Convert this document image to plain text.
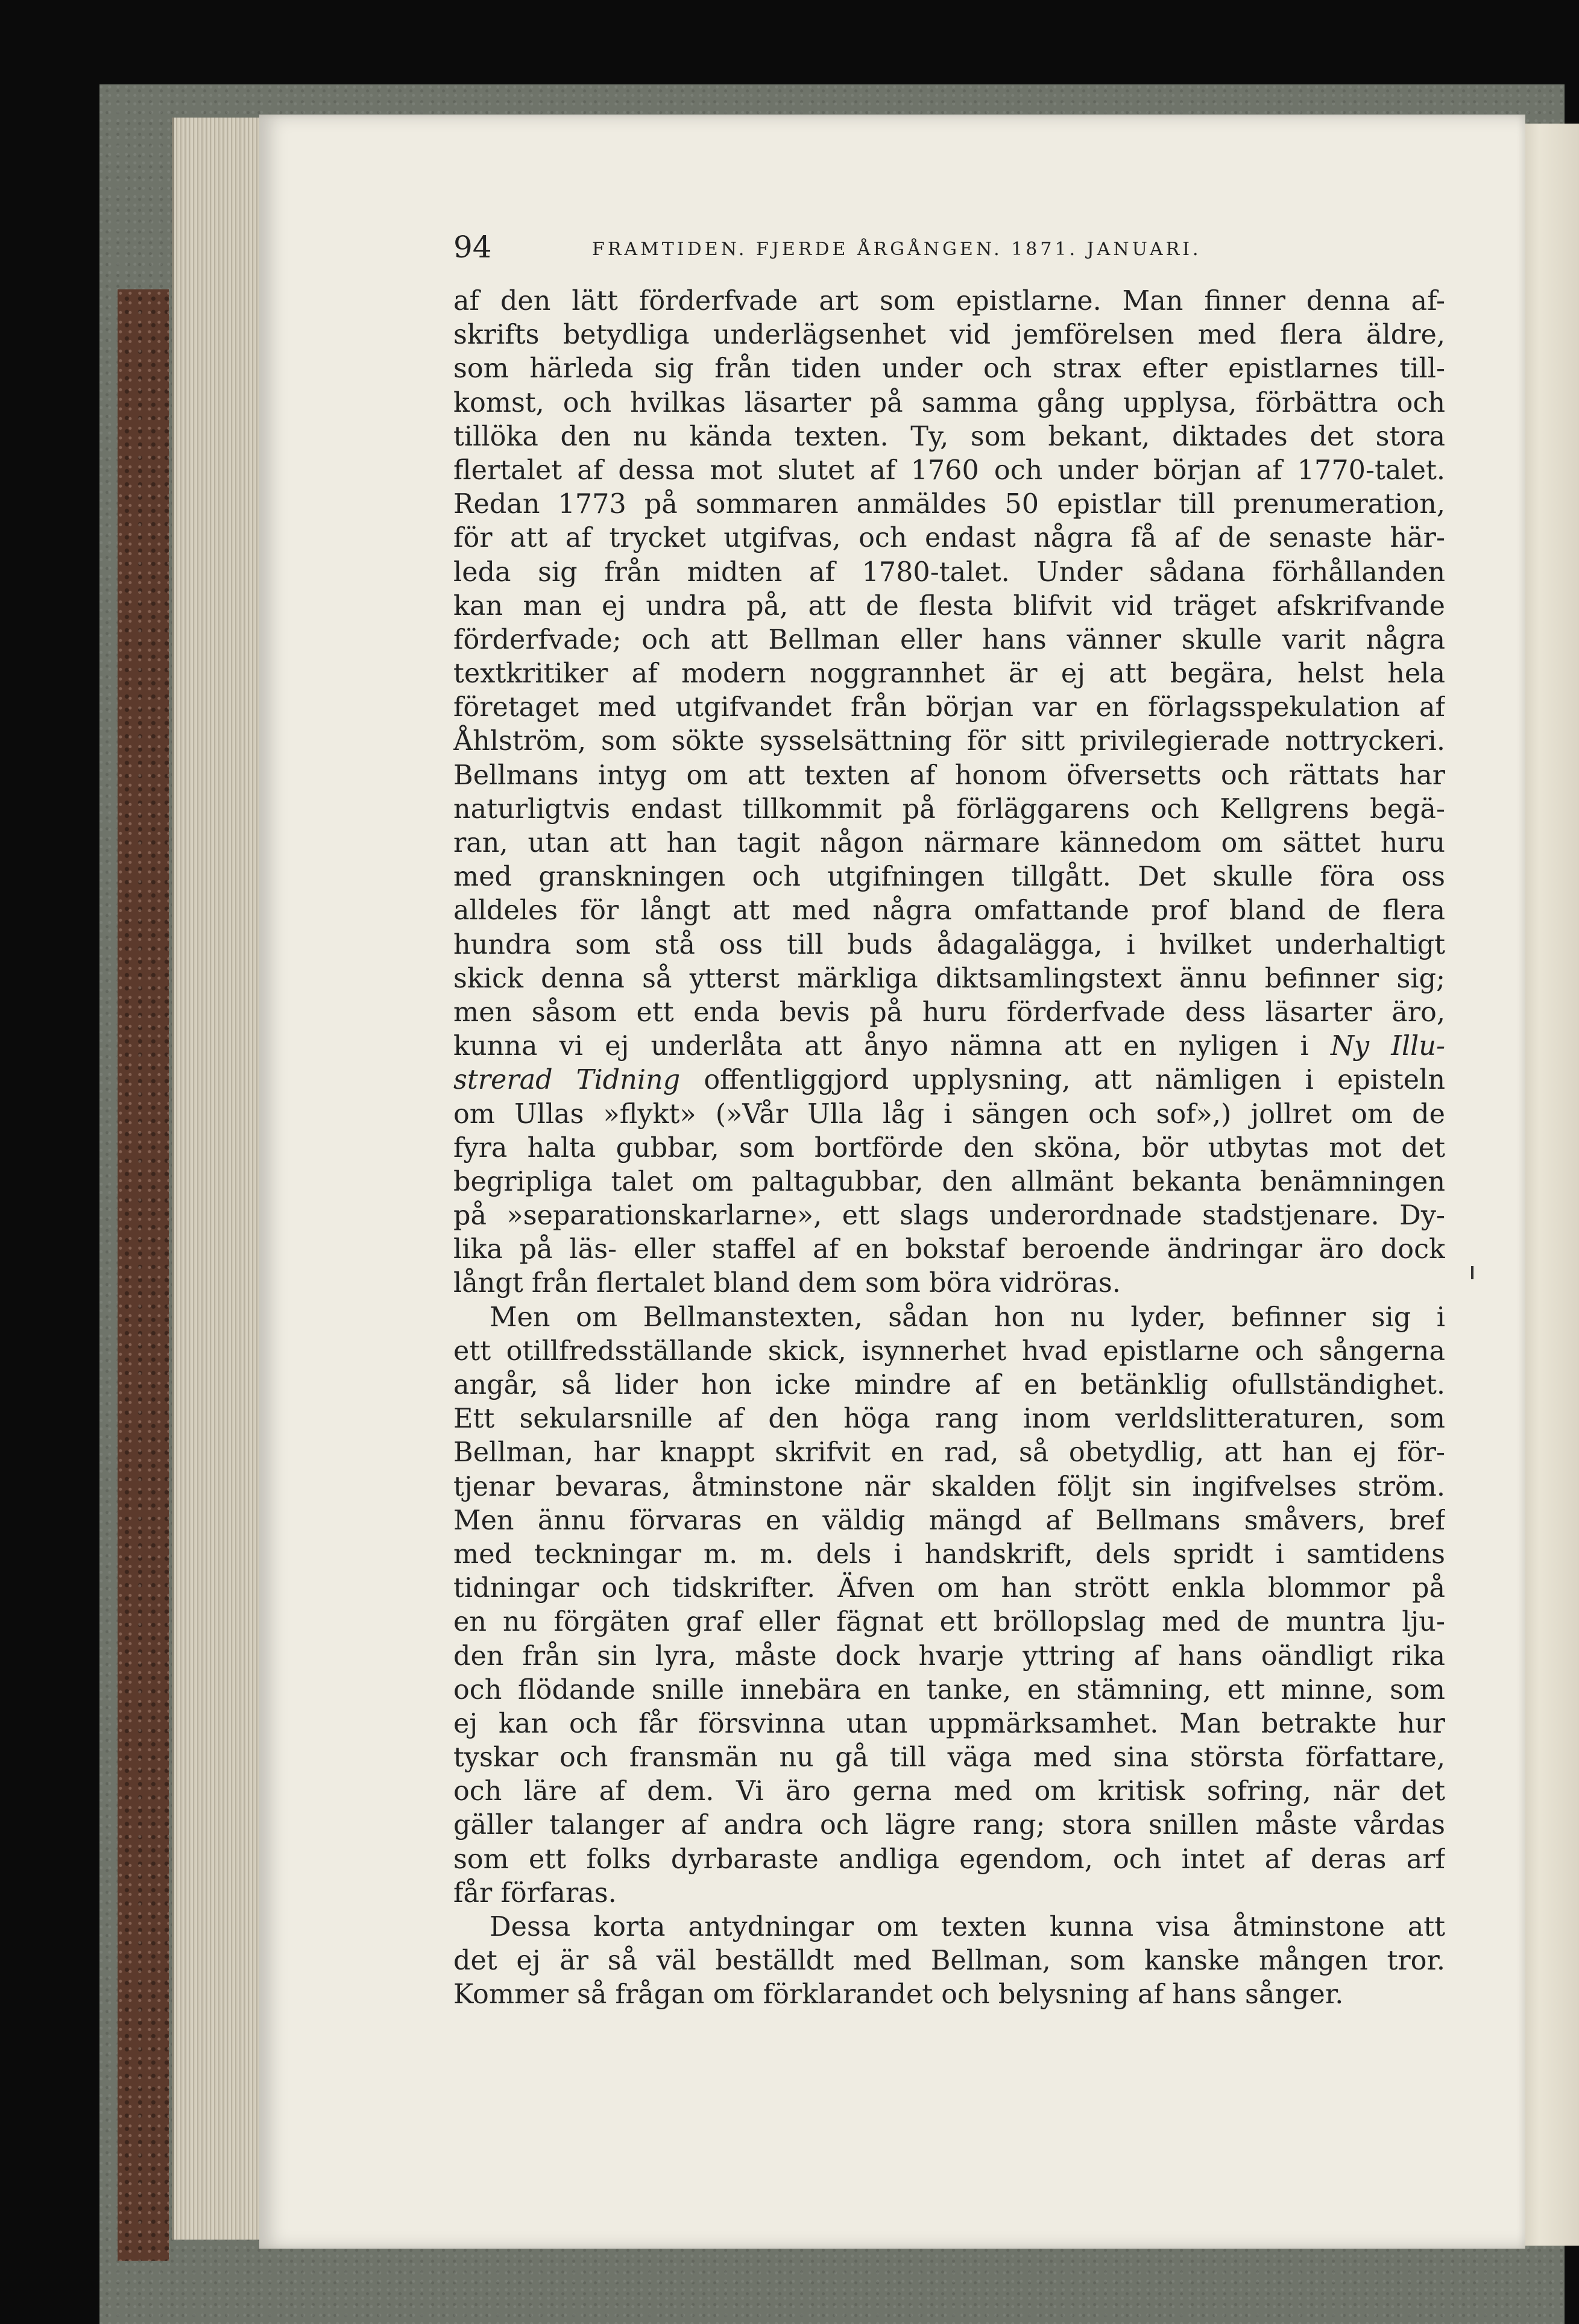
94	FRAMTIDEN. FJERDE ÅRGÅNGEN. 1871. JANUARI.
af den lätt förderfvade art som epistlarne. Man finner denna af-
skrifts betydliga underlägsenhet vid jemförelsen med flera äldre,
som härleda sig från tiden under och strax efter epistlarnes till-
komst, och hvilkas läsarter på samma gång upplysa, förbättra och
tillöka den nu kända texten. Ty, som bekant, diktades det stora
flertalet af dessa mot slutet af 1760 och under början af 1770-talet.
Redan 1773 på sommaren anmäldes 50 epistlar till prenumeration,
för att af trycket utgifvas, och endast några få af de senaste här-
leda sig från midten af 1780-talet. Under sådana förhållanden
kan man ej undra på, att de flesta blifvit vid träget afskrifvande
förderfvade; och att Bellman eller hans vänner skulle varit några
textkritiker af modern noggrannhet är ej att begära, helst hela
företaget med utgifvandet från början var en förlagsspekulation af
Åhlström, som sökte sysselsättning för sitt privilegierade nottryckeri.
Bellmans intyg om att texten af honom öfversetts och rättats har
naturligtvis endast tillkommit på förläggarens och Kellgrens begä-
ran, utan att han tagit någon närmare kännedom om sättet huru
med granskningen och utgifningen tillgått. Det skulle föra oss
alldeles för långt att med några omfattande prof bland de flera
hundra som stå oss till buds ådagalägga, i hvilket underhaltigt
skick denna så ytterst märkliga diktsamlingstext ännu befinner sig;
men såsom ett enda bevis på huru förderfvade dess läsarter äro,
kunna vi ej underlåta att ånyo nämna att en nyligen i Ny Illu-
strerad Tidning offentliggjord upplysning, att nämligen i episteln
om Ullas »flykt» (»Vår Ulla låg i sängen och sof»,) jollret om de
fyra halta gubbar, som bortförde den sköna, bör utbytas mot det
begripliga talet om paltagubbar, den allmänt bekanta benämningen
på »separationskarlarne», ett slags underordnade stadstjenare. Dy-
lika på läs- eller staffel af en bokstaf beroende ändringar äro dock
långt från flertalet bland dem som böra vidröras.
Men om Bellmanstexten, sådan hon nu lyder, befinner sig i
ett otillfredsställande skick, isynnerhet hvad epistlarne och sångerna
angår, så lider hon icke mindre af en betänklig ofullständighet.
Ett sekularsnille af den höga rang inom verldslitteraturen, som
Bellman, har knappt skrifvit en rad, så obetydlig, att han ej för-
tjenar bevaras, åtminstone när skalden följt sin ingifvelses ström.
Men ännu förvaras en väldig mängd af Bellmans småvers, bref
med teckningar m. m. dels i handskrift, dels spridt i samtidens
tidningar och tidskrifter. Äfven om han strött enkla blommor på
en nu förgäten graf eller fägnat ett bröllopslag med de muntra lju-
den från sin lyra, måste dock hvarje yttring af hans oändligt rika
och flödande snille innebära en tanke, en stämning, ett minne, som
ej kan och får försvinna utan uppmärksamhet. Man betrakte hur
tyskar och fransmän nu gå till väga med sina största författare,
och läre af dem. Vi äro gerna med om kritisk sofring, när det
gäller talanger af andra och lägre rang; stora snillen måste vårdas
som ett folks dyrbaraste andliga egendom, och intet af deras arf
får förfaras.
Dessa korta antydningar om texten kunna visa åtminstone att
det ej är så väl beställdt med Bellman, som kanske mången tror.
Kommer så frågan om förklarandet och belysning af hans sånger.
